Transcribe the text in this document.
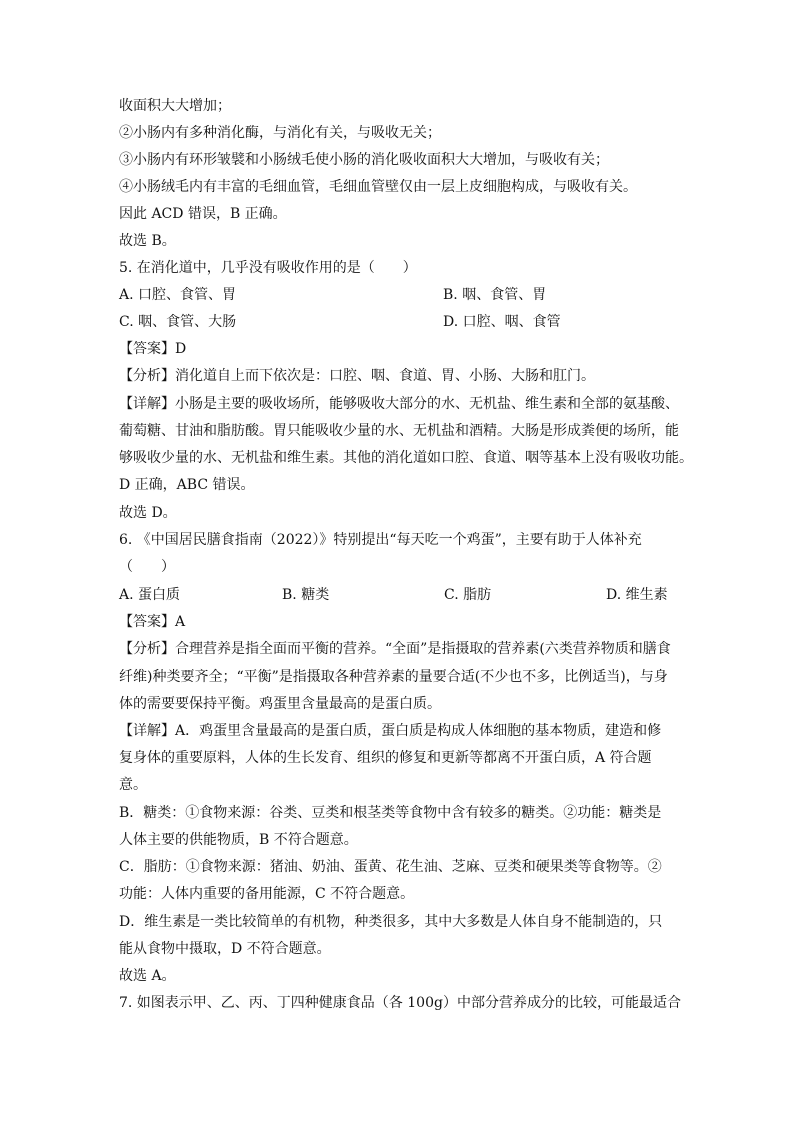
收面积大大增加；
②小肠内有多种消化酶，与消化有关，与吸收无关；
③小肠内有环形皱襞和小肠绒毛使小肠的消化吸收面积大大增加，与吸收有关；
④小肠绒毛内有丰富的毛细血管，毛细血管壁仅由一层上皮细胞构成，与吸收有关。
因此 ACD 错误，B 正确。
故选 B。
5. 在消化道中，几乎没有吸收作用的是（　　）
A. 口腔、食管、胃	B. 咽、食管、胃
C. 咽、食管、大肠	D. 口腔、咽、食管
【答案】D
【分析】消化道自上而下依次是：口腔、咽、食道、胃、小肠、大肠和肛门。
【详解】小肠是主要的吸收场所，能够吸收大部分的水、无机盐、维生素和全部的氨基酸、
葡萄糖、甘油和脂肪酸。胃只能吸收少量的水、无机盐和酒精。大肠是形成粪便的场所，能
够吸收少量的水、无机盐和维生素。其他的消化道如口腔、食道、咽等基本上没有吸收功能。
D 正确，ABC 错误。
故选 D。
6. 《中国居民膳食指南（2022）》特别提出“每天吃一个鸡蛋”，主要有助于人体补充
（　　）
A. 蛋白质	B. 糖类	C. 脂肪	D. 维生素
【答案】A
【分析】合理营养是指全面而平衡的营养。“全面”是指摄取的营养素(六类营养物质和膳食
纤维)种类要齐全；“平衡”是指摄取各种营养素的量要合适(不少也不多，比例适当)，与身
体的需要要保持平衡。鸡蛋里含量最高的是蛋白质。
【详解】A．鸡蛋里含量最高的是蛋白质，蛋白质是构成人体细胞的基本物质，建造和修
复身体的重要原料，人体的生长发育、组织的修复和更新等都离不开蛋白质，A 符合题
意。
B．糖类：①食物来源：谷类、豆类和根茎类等食物中含有较多的糖类。②功能：糖类是
人体主要的供能物质，B 不符合题意。
C．脂肪：①食物来源：猪油、奶油、蛋黄、花生油、芝麻、豆类和硬果类等食物等。②
功能：人体内重要的备用能源，C 不符合题意。
D．维生素是一类比较简单的有机物，种类很多，其中大多数是人体自身不能制造的，只
能从食物中摄取，D 不符合题意。
故选 A。
7. 如图表示甲、乙、丙、丁四种健康食品（各 100g）中部分营养成分的比较，可能最适合
